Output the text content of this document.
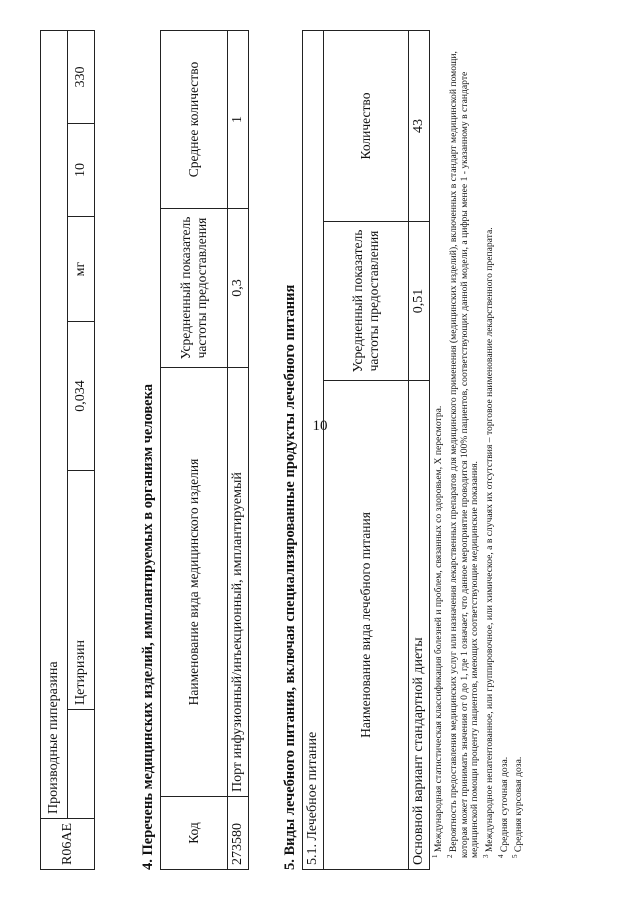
10
R06AE	Производные пиперазина					
		Цетиризин	0,034	мг	10	330
4. Перечень медицинских изделий, имплантируемых в организм человека Код	Наименование вида медицинского изделия	Усредненный показатель частоты предоставления	Среднее количество
273580	Порт инфузионный/инъекционный, имплантируемый	0,3	1
5. Виды лечебного питания, включая специализированные продукты лечебного питания 5.1. Лечебное питание		
Наименование вида лечебного питания	Усредненный показатель частоты предоставления	Количество
Основной вариант стандартной диеты	0,51	43
$^1$ Международная статистическая классификация болезней и проблем, связанных со здоровьем, X пересмотра.
$^2$ Вероятность предоставления медицинских услуг или назначения лекарственных препаратов для медицинского применения (медицинских изделий), включенных в стандарт медицинской помощи, которая может принимать значения от 0 до 1, где 1 означает, что данное мероприятие проводится 100% пациентов, соответствующих данной модели, а цифры менее 1 - указанному в стандарте медицинской помощи проценту пациентов, имеющих соответствующие медицинские показания. $^3$ Международное непатентованное, или группировочное, или химическое, а в случаях их отсутствия – торговое наименование лекарственного препарата.
$^4$ Средняя суточная доза.
$^5$ Средняя курсовая доза.
